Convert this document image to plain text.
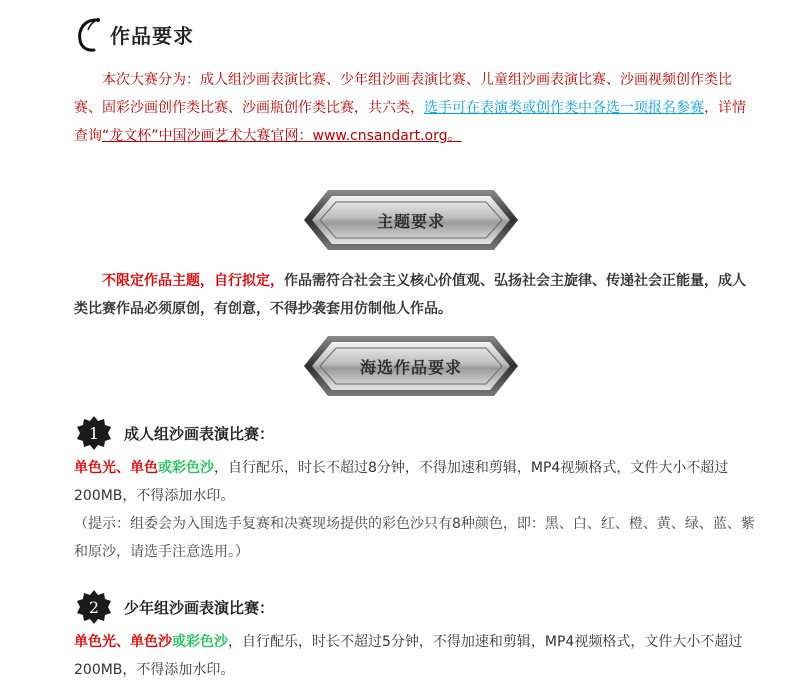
作品要求
本次大赛分为：成人组沙画表演比赛、少年组沙画表演比赛、儿童组沙画表演比赛、沙画视频创作类比赛、固彩沙画创作类比赛、沙画瓶创作类比赛，共六类，选手可在表演类或创作类中各选一项报名参赛，详情查询“龙文杯”中国沙画艺术大赛官网：www.cnsandart.org。
主题要求
不限定作品主题，自行拟定，作品需符合社会主义核心价值观、弘扬社会主旋律、传递社会正能量，成人类比赛作品必须原创，有创意，不得抄袭套用仿制他人作品。
海选作品要求
1 成人组沙画表演比赛：
单色光、单色或彩色沙，自行配乐，时长不超过8分钟，不得加速和剪辑，MP4视频格式，文件大小不超过200MB，不得添加水印。
（提示：组委会为入围选手复赛和决赛现场提供的彩色沙只有8种颜色，即：黑、白、红、橙、黄、绿、蓝、紫和原沙，请选手注意选用。）
2 少年组沙画表演比赛：
单色光、单色沙或彩色沙，自行配乐，时长不超过5分钟，不得加速和剪辑，MP4视频格式，文件大小不超过200MB，不得添加水印。
